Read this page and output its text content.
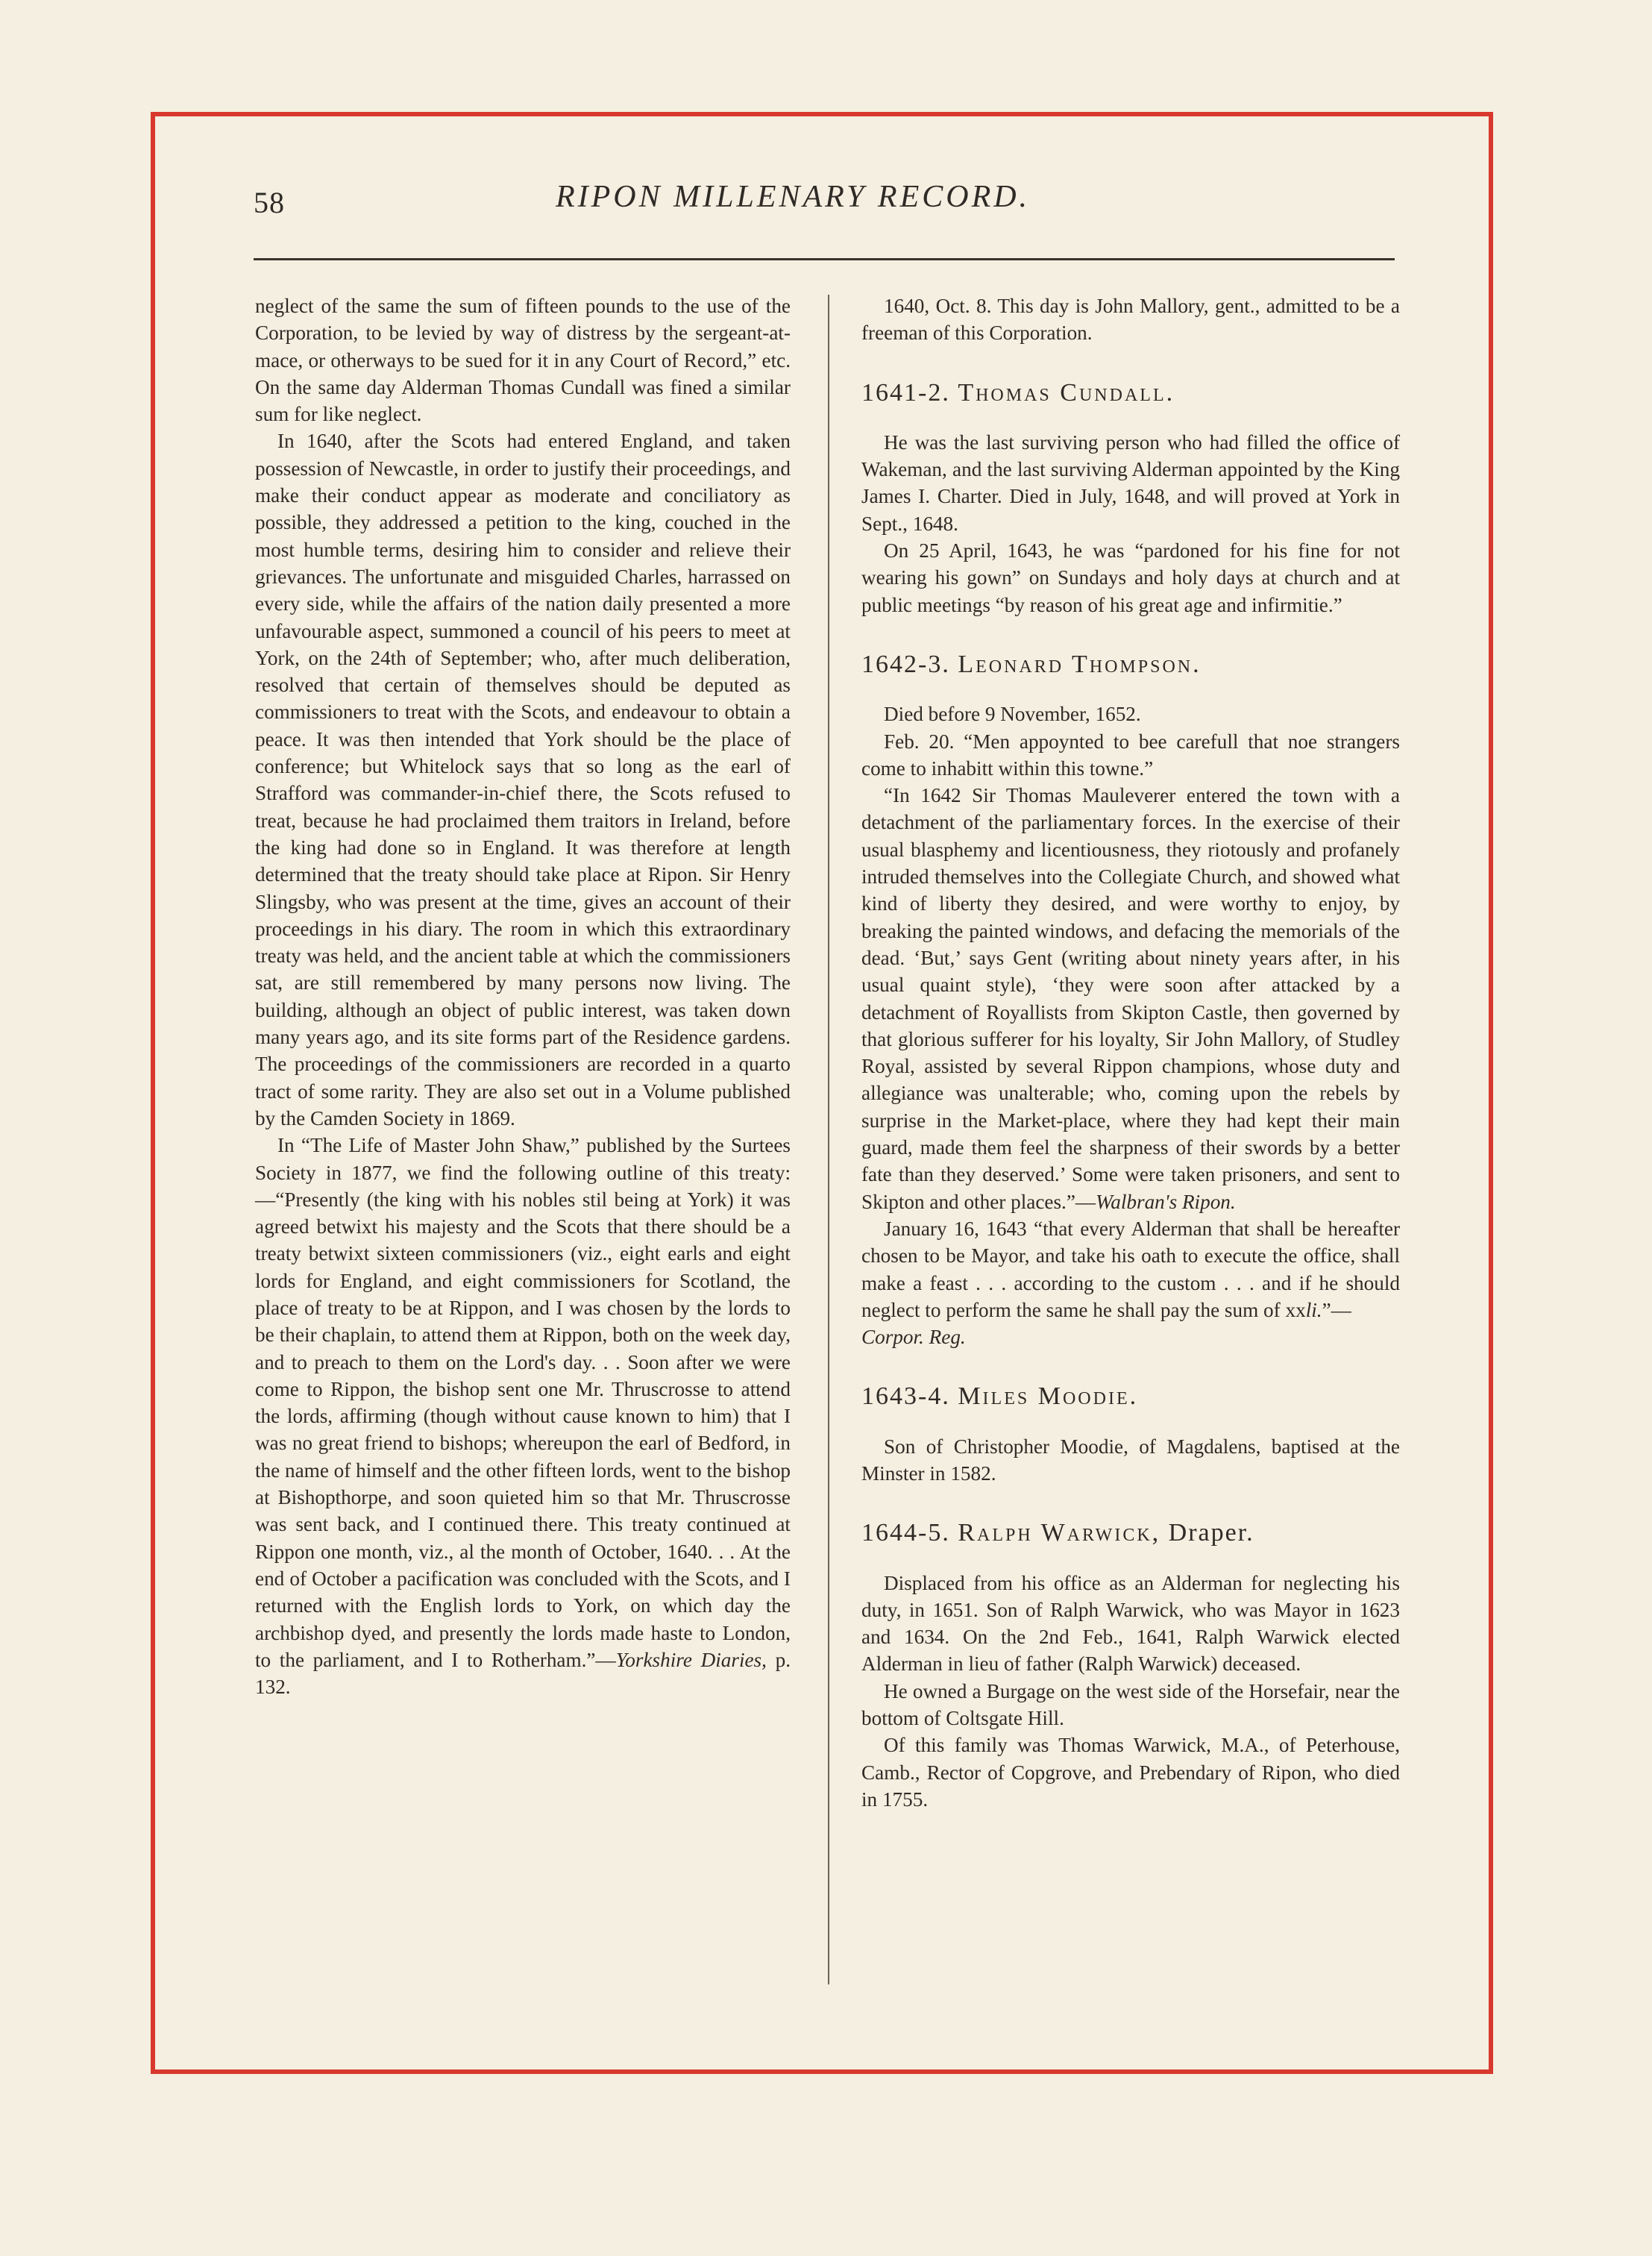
58	RIPON MILLENARY RECORD.

neglect of the same the sum of fifteen pounds to the use of the Corporation, to be levied by way of distress by the sergeant-at-mace, or otherways to be sued for it in any Court of Record,” etc. On the same day Alderman Thomas Cundall was fined a similar sum for like neglect.

In 1640, after the Scots had entered England, and taken possession of Newcastle, in order to justify their proceedings, and make their conduct appear as moderate and conciliatory as possible, they addressed a petition to the king, couched in the most humble terms, desiring him to consider and relieve their grievances. The unfortunate and misguided Charles, harrassed on every side, while the affairs of the nation daily presented a more unfavourable aspect, summoned a council of his peers to meet at York, on the 24th of September; who, after much deliberation, resolved that certain of themselves should be deputed as commissioners to treat with the Scots, and endeavour to obtain a peace. It was then intended that York should be the place of conference; but Whitelock says that so long as the earl of Strafford was commander-in-chief there, the Scots refused to treat, because he had proclaimed them traitors in Ireland, before the king had done so in England. It was therefore at length determined that the treaty should take place at Ripon. Sir Henry Slingsby, who was present at the time, gives an account of their proceedings in his diary. The room in which this extraordinary treaty was held, and the ancient table at which the commissioners sat, are still remembered by many persons now living. The building, although an object of public interest, was taken down many years ago, and its site forms part of the Residence gardens. The proceedings of the commissioners are recorded in a quarto tract of some rarity. They are also set out in a Volume published by the Camden Society in 1869.

In “The Life of Master John Shaw,” published by the Surtees Society in 1877, we find the following outline of this treaty:—“Presently (the king with his nobles stil being at York) it was agreed betwixt his majesty and the Scots that there should be a treaty betwixt sixteen commissioners (viz., eight earls and eight lords for England, and eight commissioners for Scotland, the place of treaty to be at Rippon, and I was chosen by the lords to be their chaplain, to attend them at Rippon, both on the week day, and to preach to them on the Lord's day. . . Soon after we were come to Rippon, the bishop sent one Mr. Thruscrosse to attend the lords, affirming (though without cause known to him) that I was no great friend to bishops; whereupon the earl of Bedford, in the name of himself and the other fifteen lords, went to the bishop at Bishopthorpe, and soon quieted him so that Mr. Thruscrosse was sent back, and I continued there. This treaty continued at Rippon one month, viz., al the month of October, 1640. . . At the end of October a pacification was concluded with the Scots, and I returned with the English lords to York, on which day the archbishop dyed, and presently the lords made haste to London, to the parliament, and I to Rotherham.”—Yorkshire Diaries, p. 132.

1640, Oct. 8. This day is John Mallory, gent., admitted to be a freeman of this Corporation.

1641-2. Thomas Cundall.

He was the last surviving person who had filled the office of Wakeman, and the last surviving Alderman appointed by the King James I. Charter. Died in July, 1648, and will proved at York in Sept., 1648.

On 25 April, 1643, he was “pardoned for his fine for not wearing his gown” on Sundays and holy days at church and at public meetings “by reason of his great age and infirmitie.”

1642-3. Leonard Thompson.

Died before 9 November, 1652.

Feb. 20. “Men appoynted to bee carefull that noe strangers come to inhabitt within this towne.”

“In 1642 Sir Thomas Mauleverer entered the town with a detachment of the parliamentary forces. In the exercise of their usual blasphemy and licentiousness, they riotously and profanely intruded themselves into the Collegiate Church, and showed what kind of liberty they desired, and were worthy to enjoy, by breaking the painted windows, and defacing the memorials of the dead. ‘But,’ says Gent (writing about ninety years after, in his usual quaint style), ‘they were soon after attacked by a detachment of Royallists from Skipton Castle, then governed by that glorious sufferer for his loyalty, Sir John Mallory, of Studley Royal, assisted by several Rippon champions, whose duty and allegiance was unalterable; who, coming upon the rebels by surprise in the Market-place, where they had kept their main guard, made them feel the sharpness of their swords by a better fate than they deserved.’ Some were taken prisoners, and sent to Skipton and other places.”—Walbran's Ripon.

January 16, 1643 “that every Alderman that shall be hereafter chosen to be Mayor, and take his oath to execute the office, shall make a feast . . . according to the custom . . . and if he should neglect to perform the same he shall pay the sum of xxli.”—
Corpor. Reg.

1643-4. Miles Moodie.

Son of Christopher Moodie, of Magdalens, baptised at the Minster in 1582.

1644-5. Ralph Warwick, Draper.

Displaced from his office as an Alderman for neglecting his duty, in 1651. Son of Ralph Warwick, who was Mayor in 1623 and 1634. On the 2nd Feb., 1641, Ralph Warwick elected Alderman in lieu of father (Ralph Warwick) deceased.

He owned a Burgage on the west side of the Horsefair, near the bottom of Coltsgate Hill.

Of this family was Thomas Warwick, M.A., of Peterhouse, Camb., Rector of Copgrove, and Prebendary of Ripon, who died in 1755.
